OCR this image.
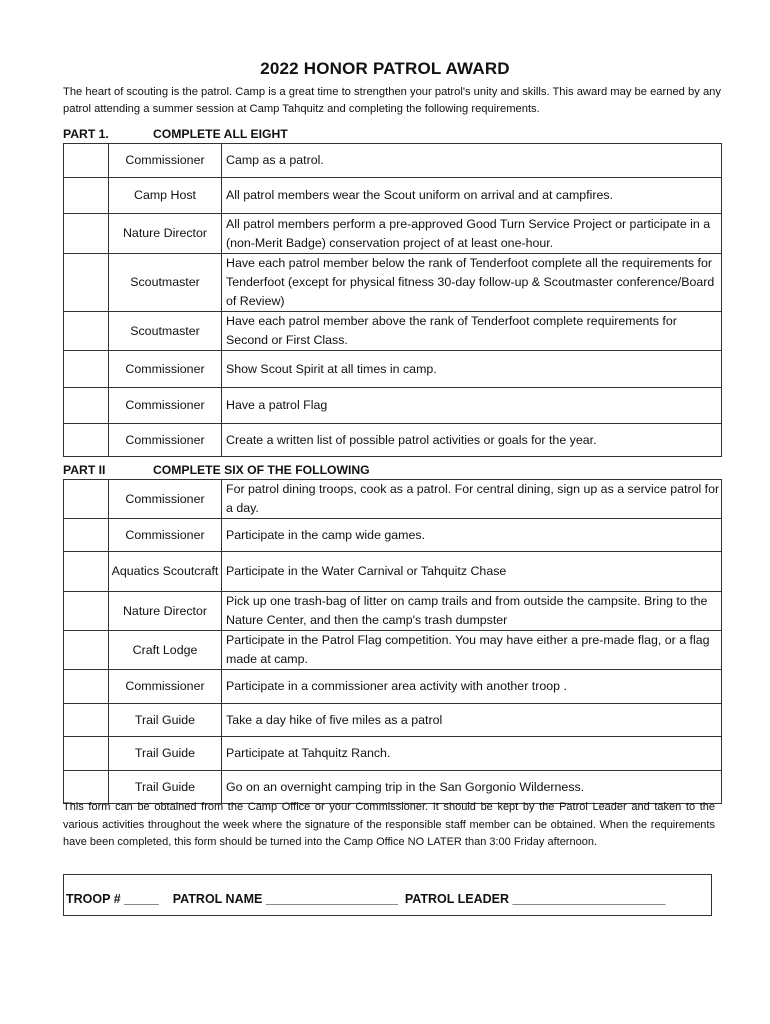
2022 HONOR PATROL AWARD
The heart of scouting is the patrol. Camp is a great time to strengthen your patrol's unity and skills. This award may be earned by any patrol attending a summer session at Camp Tahquitz and completing the following requirements.
PART 1.	COMPLETE ALL EIGHT
	Commissioner	Camp as a patrol.
	Camp Host	All patrol members wear the Scout uniform on arrival and at campfires.
	Nature Director	All patrol members perform a pre-approved Good Turn Service Project or participate in a (non-Merit Badge) conservation project of at least one-hour.
	Scoutmaster	Have each patrol member below the rank of Tenderfoot complete all the requirements for Tenderfoot (except for physical fitness 30-day follow-up & Scoutmaster conference/Board of Review)
	Scoutmaster	Have each patrol member above the rank of Tenderfoot complete requirements for Second or First Class.
	Commissioner	Show Scout Spirit at all times in camp.
	Commissioner	Have a patrol Flag
	Commissioner	Create a written list of possible patrol activities or goals for the year.
PART II	COMPLETE SIX OF THE FOLLOWING
	Commissioner	For patrol dining troops, cook as a patrol. For central dining, sign up as a service patrol for a day.
	Commissioner	Participate in the camp wide games.
	Aquatics Scoutcraft	Participate in the Water Carnival or Tahquitz Chase
	Nature Director	Pick up one trash-bag of litter on camp trails and from outside the campsite. Bring to the Nature Center, and then the camp's trash dumpster
	Craft Lodge	Participate in the Patrol Flag competition. You may have either a pre-made flag, or a flag made at camp.
	Commissioner	Participate in a commissioner area activity with another troop .
	Trail Guide	Take a day hike of five miles as a patrol
	Trail Guide	Participate at Tahquitz Ranch.
	Trail Guide	Go on an overnight camping trip in the San Gorgonio Wilderness.
This form can be obtained from the Camp Office or your Commissioner. It should be kept by the Patrol Leader and taken to the various activities throughout the week where the signature of the responsible staff member can be obtained. When the requirements have been completed, this form should be turned into the Camp Office NO LATER than 3:00 Friday afternoon.
TROOP # _____    PATROL NAME ___________________  PATROL LEADER ______________________
